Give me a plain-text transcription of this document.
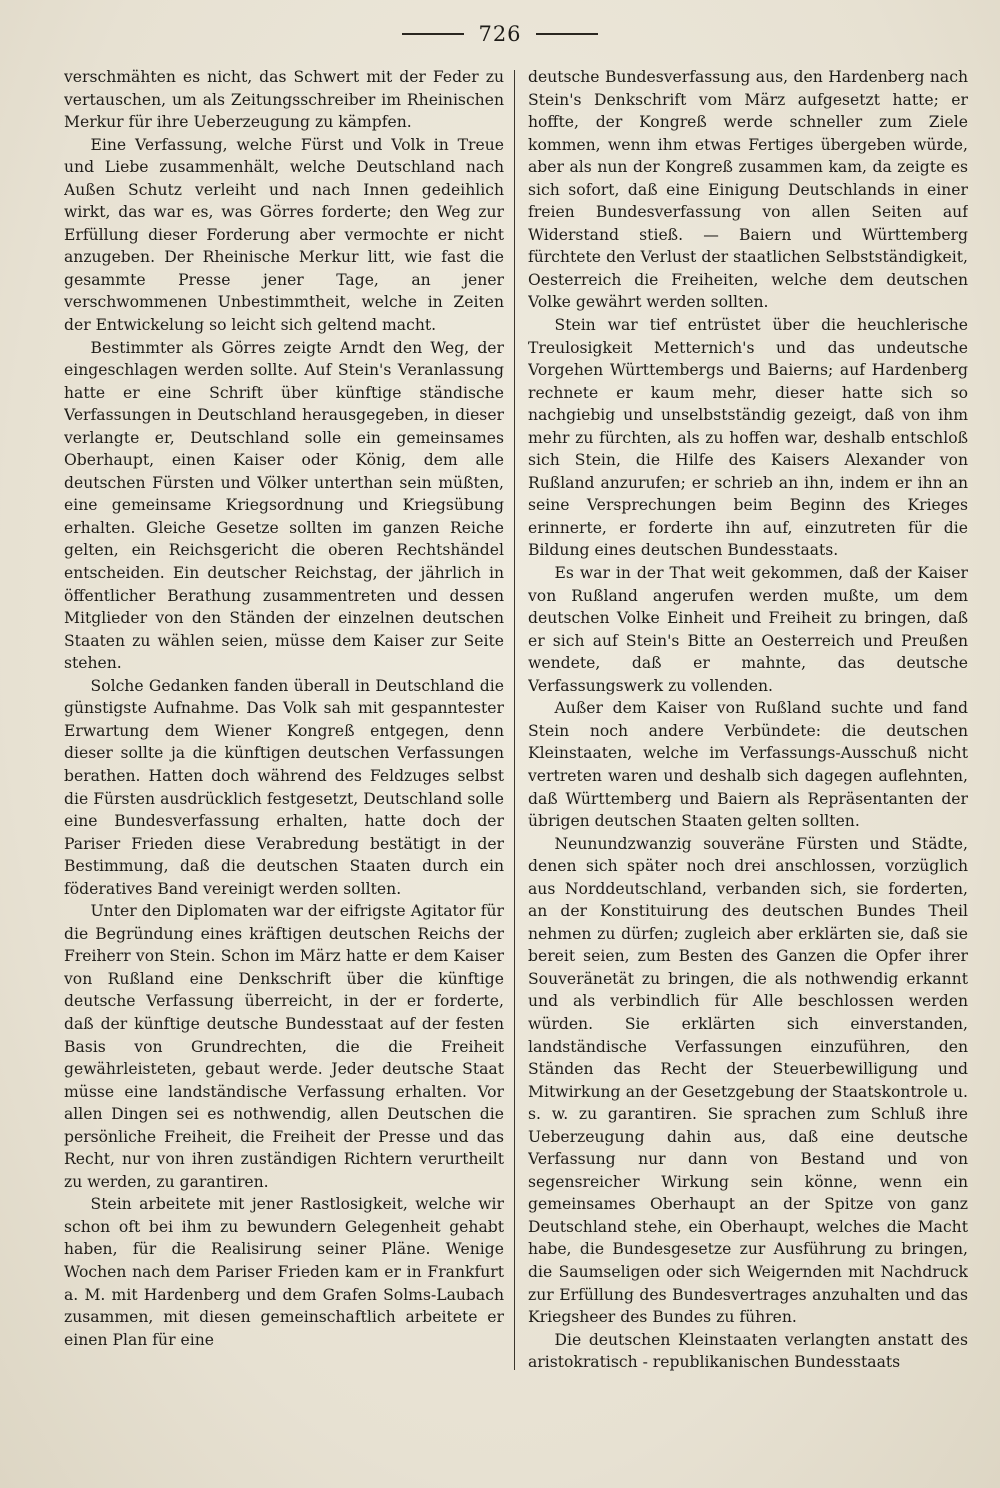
726

verschmähten es nicht, das Schwert mit der Feder zu vertauschen, um als Zeitungsschreiber im Rheinischen Merkur für ihre Ueberzeugung zu kämpfen.

Eine Verfassung, welche Fürst und Volk in Treue und Liebe zusammenhält, welche Deutschland nach Außen Schutz verleiht und nach Innen gedeihlich wirkt, das war es, was Görres forderte; den Weg zur Erfüllung dieser Forderung aber vermochte er nicht anzugeben. Der Rheinische Merkur litt, wie fast die gesammte Presse jener Tage, an jener verschwommenen Unbestimmtheit, welche in Zeiten der Entwickelung so leicht sich geltend macht.

Bestimmter als Görres zeigte Arndt den Weg, der eingeschlagen werden sollte. Auf Stein's Veranlassung hatte er eine Schrift über künftige ständische Verfassungen in Deutschland herausgegeben, in dieser verlangte er, Deutschland solle ein gemeinsames Oberhaupt, einen Kaiser oder König, dem alle deutschen Fürsten und Völker unterthan sein müßten, eine gemeinsame Kriegsordnung und Kriegsübung erhalten. Gleiche Gesetze sollten im ganzen Reiche gelten, ein Reichsgericht die oberen Rechtshändel entscheiden. Ein deutscher Reichstag, der jährlich in öffentlicher Berathung zusammentreten und dessen Mitglieder von den Ständen der einzelnen deutschen Staaten zu wählen seien, müsse dem Kaiser zur Seite stehen.

Solche Gedanken fanden überall in Deutschland die günstigste Aufnahme. Das Volk sah mit gespanntester Erwartung dem Wiener Kongreß entgegen, denn dieser sollte ja die künftigen deutschen Verfassungen berathen. Hatten doch während des Feldzuges selbst die Fürsten ausdrücklich festgesetzt, Deutschland solle eine Bundesverfassung erhalten, hatte doch der Pariser Frieden diese Verabredung bestätigt in der Bestimmung, daß die deutschen Staaten durch ein föderatives Band vereinigt werden sollten.

Unter den Diplomaten war der eifrigste Agitator für die Begründung eines kräftigen deutschen Reichs der Freiherr von Stein. Schon im März hatte er dem Kaiser von Rußland eine Denkschrift über die künftige deutsche Verfassung überreicht, in der er forderte, daß der künftige deutsche Bundesstaat auf der festen Basis von Grundrechten, die die Freiheit gewährleisteten, gebaut werde. Jeder deutsche Staat müsse eine landständische Verfassung erhalten. Vor allen Dingen sei es nothwendig, allen Deutschen die persönliche Freiheit, die Freiheit der Presse und das Recht, nur von ihren zuständigen Richtern verurtheilt zu werden, zu garantiren.

Stein arbeitete mit jener Rastlosigkeit, welche wir schon oft bei ihm zu bewundern Gelegenheit gehabt haben, für die Realisirung seiner Pläne. Wenige Wochen nach dem Pariser Frieden kam er in Frankfurt a. M. mit Hardenberg und dem Grafen Solms-Laubach zusammen, mit diesen gemeinschaftlich arbeitete er einen Plan für eine

deutsche Bundesverfassung aus, den Hardenberg nach Stein's Denkschrift vom März aufgesetzt hatte; er hoffte, der Kongreß werde schneller zum Ziele kommen, wenn ihm etwas Fertiges übergeben würde, aber als nun der Kongreß zusammen kam, da zeigte es sich sofort, daß eine Einigung Deutschlands in einer freien Bundesverfassung von allen Seiten auf Widerstand stieß. — Baiern und Württemberg fürchtete den Verlust der staatlichen Selbstständigkeit, Oesterreich die Freiheiten, welche dem deutschen Volke gewährt werden sollten.

Stein war tief entrüstet über die heuchlerische Treulosigkeit Metternich's und das undeutsche Vorgehen Württembergs und Baierns; auf Hardenberg rechnete er kaum mehr, dieser hatte sich so nachgiebig und unselbstständig gezeigt, daß von ihm mehr zu fürchten, als zu hoffen war, deshalb entschloß sich Stein, die Hilfe des Kaisers Alexander von Rußland anzurufen; er schrieb an ihn, indem er ihn an seine Versprechungen beim Beginn des Krieges erinnerte, er forderte ihn auf, einzutreten für die Bildung eines deutschen Bundesstaats.

Es war in der That weit gekommen, daß der Kaiser von Rußland angerufen werden mußte, um dem deutschen Volke Einheit und Freiheit zu bringen, daß er sich auf Stein's Bitte an Oesterreich und Preußen wendete, daß er mahnte, das deutsche Verfassungswerk zu vollenden.

Außer dem Kaiser von Rußland suchte und fand Stein noch andere Verbündete: die deutschen Kleinstaaten, welche im Verfassungs-Ausschuß nicht vertreten waren und deshalb sich dagegen auflehnten, daß Württemberg und Baiern als Repräsentanten der übrigen deutschen Staaten gelten sollten.

Neunundzwanzig souveräne Fürsten und Städte, denen sich später noch drei anschlossen, vorzüglich aus Norddeutschland, verbanden sich, sie forderten, an der Konstituirung des deutschen Bundes Theil nehmen zu dürfen; zugleich aber erklärten sie, daß sie bereit seien, zum Besten des Ganzen die Opfer ihrer Souveränetät zu bringen, die als nothwendig erkannt und als verbindlich für Alle beschlossen werden würden. Sie erklärten sich einverstanden, landständische Verfassungen einzuführen, den Ständen das Recht der Steuerbewilligung und Mitwirkung an der Gesetzgebung der Staatskontrole u. s. w. zu garantiren. Sie sprachen zum Schluß ihre Ueberzeugung dahin aus, daß eine deutsche Verfassung nur dann von Bestand und von segensreicher Wirkung sein könne, wenn ein gemeinsames Oberhaupt an der Spitze von ganz Deutschland stehe, ein Oberhaupt, welches die Macht habe, die Bundesgesetze zur Ausführung zu bringen, die Saumseligen oder sich Weigernden mit Nachdruck zur Erfüllung des Bundesvertrages anzuhalten und das Kriegsheer des Bundes zu führen.

Die deutschen Kleinstaaten verlangten anstatt des aristokratisch - republikanischen Bundesstaats
